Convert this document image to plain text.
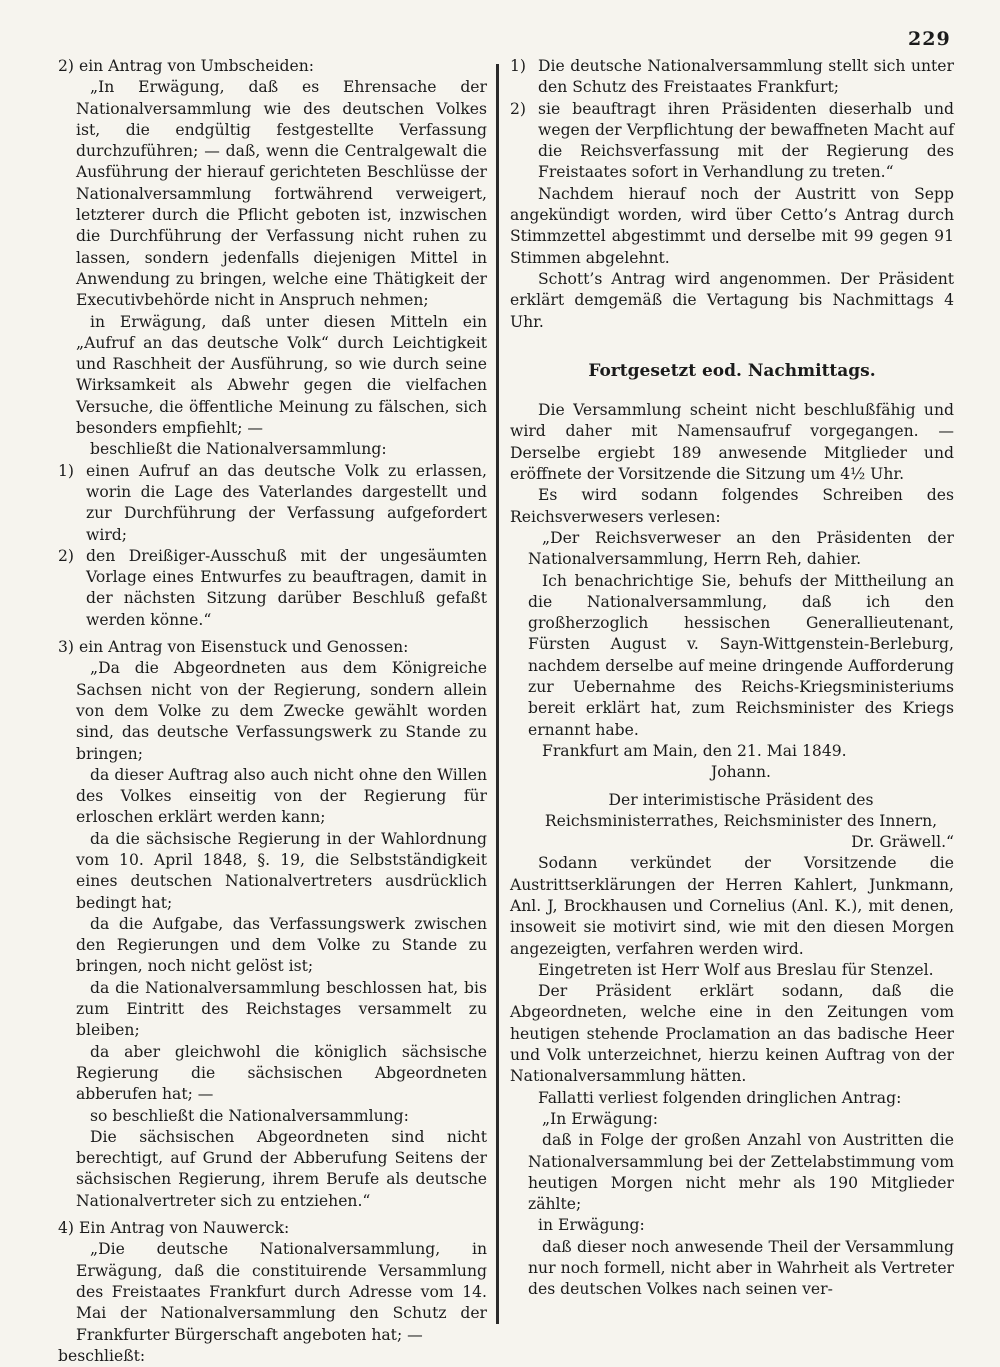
229

2) ein Antrag von Umbscheiden:

„In Erwägung, daß es Ehrensache der Nationalversammlung wie des deutschen Volkes ist, die endgültig festgestellte Verfassung durchzuführen; — daß, wenn die Centralgewalt die Ausführung der hierauf gerichteten Beschlüsse der Nationalversammlung fortwährend verweigert, letzterer durch die Pflicht geboten ist, inzwischen die Durchführung der Verfassung nicht ruhen zu lassen, sondern jedenfalls diejenigen Mittel in Anwendung zu bringen, welche eine Thätigkeit der Executivbehörde nicht in Anspruch nehmen;

in Erwägung, daß unter diesen Mitteln ein „Aufruf an das deutsche Volk“ durch Leichtigkeit und Raschheit der Ausführung, so wie durch seine Wirksamkeit als Abwehr gegen die vielfachen Versuche, die öffentliche Meinung zu fälschen, sich besonders empfiehlt; —

beschließt die Nationalversammlung:

1) einen Aufruf an das deutsche Volk zu erlassen, worin die Lage des Vaterlandes dargestellt und zur Durchführung der Verfassung aufgefordert wird;
2) den Dreißiger-Ausschuß mit der ungesäumten Vorlage eines Entwurfes zu beauftragen, damit in der nächsten Sitzung darüber Beschluß gefaßt werden könne.“

3) ein Antrag von Eisenstuck und Genossen:

„Da die Abgeordneten aus dem Königreiche Sachsen nicht von der Regierung, sondern allein von dem Volke zu dem Zwecke gewählt worden sind, das deutsche Verfassungswerk zu Stande zu bringen;

da dieser Auftrag also auch nicht ohne den Willen des Volkes einseitig von der Regierung für erloschen erklärt werden kann;

da die sächsische Regierung in der Wahlordnung vom 10. April 1848, §. 19, die Selbstständigkeit eines deutschen Nationalvertreters ausdrücklich bedingt hat;

da die Aufgabe, das Verfassungswerk zwischen den Regierungen und dem Volke zu Stande zu bringen, noch nicht gelöst ist;

da die Nationalversammlung beschlossen hat, bis zum Eintritt des Reichstages versammelt zu bleiben;

da aber gleichwohl die königlich sächsische Regierung die sächsischen Abgeordneten abberufen hat; —

so beschließt die Nationalversammlung:

Die sächsischen Abgeordneten sind nicht berechtigt, auf Grund der Abberufung Seitens der sächsischen Regierung, ihrem Berufe als deutsche Nationalvertreter sich zu entziehen.“

4) Ein Antrag von Nauwerck:

„Die deutsche Nationalversammlung, in Erwägung, daß die constituirende Versammlung des Freistaates Frankfurt durch Adresse vom 14. Mai der Nationalversammlung den Schutz der Frankfurter Bürgerschaft angeboten hat; —

beschließt:

1) Die deutsche Nationalversammlung stellt sich unter den Schutz des Freistaates Frankfurt;
2) sie beauftragt ihren Präsidenten dieserhalb und wegen der Verpflichtung der bewaffneten Macht auf die Reichsverfassung mit der Regierung des Freistaates sofort in Verhandlung zu treten.“

Nachdem hierauf noch der Austritt von Sepp angekündigt worden, wird über Cetto’s Antrag durch Stimmzettel abgestimmt und derselbe mit 99 gegen 91 Stimmen abgelehnt.

Schott’s Antrag wird angenommen. Der Präsident erklärt demgemäß die Vertagung bis Nachmittags 4 Uhr.

Fortgesetzt eod. Nachmittags.

Die Versammlung scheint nicht beschlußfähig und wird daher mit Namensaufruf vorgegangen. — Derselbe ergiebt 189 anwesende Mitglieder und eröffnete der Vorsitzende die Sitzung um 4½ Uhr.

Es wird sodann folgendes Schreiben des Reichsverwesers verlesen:

„Der Reichsverweser an den Präsidenten der Nationalversammlung, Herrn Reh, dahier.

Ich benachrichtige Sie, behufs der Mittheilung an die Nationalversammlung, daß ich den großherzoglich hessischen Generallieutenant, Fürsten August v. Sayn-Wittgenstein-Berleburg, nachdem derselbe auf meine dringende Aufforderung zur Uebernahme des Reichs-Kriegsministeriums bereit erklärt hat, zum Reichsminister des Kriegs ernannt habe.

Frankfurt am Main, den 21. Mai 1849.

Johann.

Der interimistische Präsident des Reichsministerrathes, Reichsminister des Innern,

Dr. Gräwell.“

Sodann verkündet der Vorsitzende die Austrittserklärungen der Herren Kahlert, Junkmann, Anl. J, Brockhausen und Cornelius (Anl. K.), mit denen, insoweit sie motivirt sind, wie mit den diesen Morgen angezeigten, verfahren werden wird.

Eingetreten ist Herr Wolf aus Breslau für Stenzel.

Der Präsident erklärt sodann, daß die Abgeordneten, welche eine in den Zeitungen vom heutigen stehende Proclamation an das badische Heer und Volk unterzeichnet, hierzu keinen Auftrag von der Nationalversammlung hätten.

Fallatti verliest folgenden dringlichen Antrag:

„In Erwägung:

daß in Folge der großen Anzahl von Austritten die Nationalversammlung bei der Zettelabstimmung vom heutigen Morgen nicht mehr als 190 Mitglieder zählte;

in Erwägung:

daß dieser noch anwesende Theil der Versammlung nur noch formell, nicht aber in Wahrheit als Vertreter des deutschen Volkes nach seinen ver-
